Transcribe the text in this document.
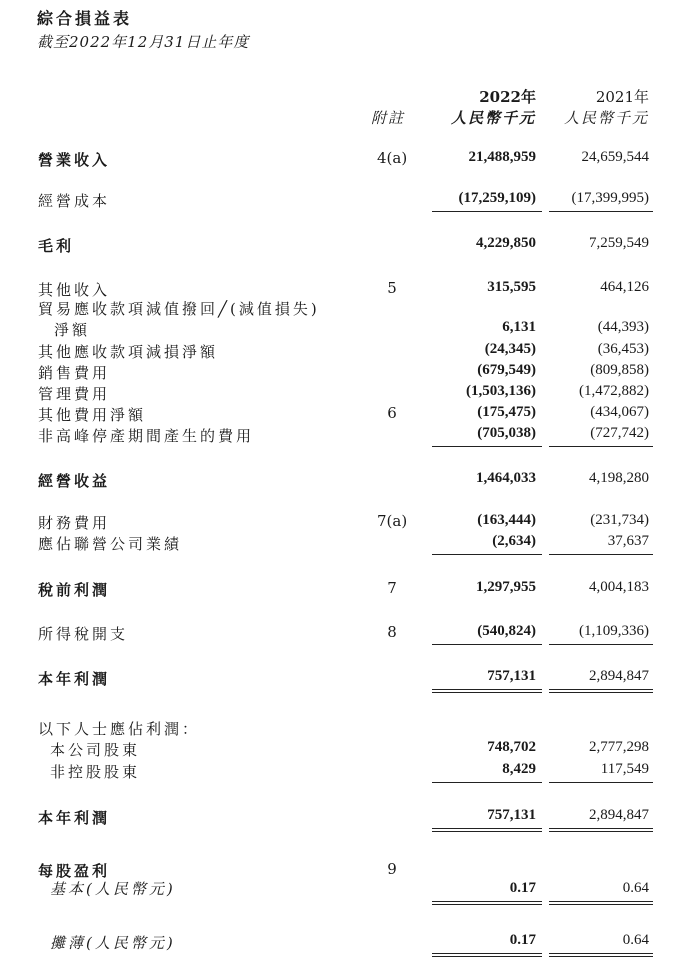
綜合損益表
截至2022年12月31日止年度
2022年	2021年
附註	人民幣千元 人民幣千元
營業收入	4(a)	21,488,959	24,659,544
經營成本	(17,259,109) (17,399,995)
毛利	4,229,850	7,259,549
其他收入	5	315,595	464,126
貿易應收款項減值撥回╱(減值損失)
淨額	6,131	(44,393)
其他應收款項減損淨額	(24,345)	(36,453)
銷售費用	(679,549)	(809,858)
管理費用	(1,503,136)	(1,472,882)
其他費用淨額	6	(175,475)	(434,067)
非高峰停產期間產生的費用	(705,038)	(727,742)
經營收益	1,464,033	4,198,280
財務費用	7(a)	(163,444)	(231,734)
應佔聯營公司業績	(2,634)	37,637
稅前利潤	7	1,297,955	4,004,183
所得稅開支	8	(540,824)	(1,109,336)
本年利潤	757,131	2,894,847
以下人士應佔利潤：
本公司股東	748,702	2,777,298
非控股股東	8,429	117,549
本年利潤	757,131	2,894,847
每股盈利	9
基本(人民幣元)	0.17	0.64
攤薄(人民幣元)	0.17	0.64
